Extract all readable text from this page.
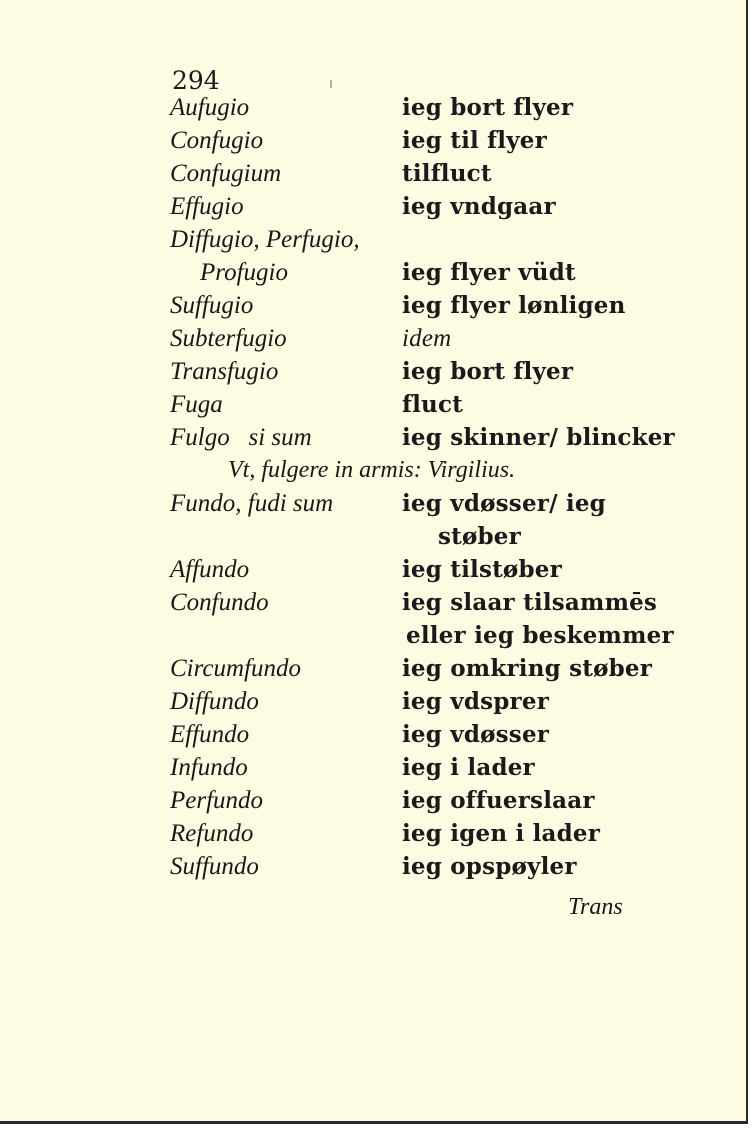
294
Aufugio	ieg bort flyer
Confugio	ieg til flyer
Confugium	tilfluct
Effugio	ieg vndgaar
Diffugio, Perfugio,
Profugio	ieg flyer vüdt
Suffugio	ieg flyer lønligen
Subterfugio	idem
Transfugio	ieg bort flyer
Fuga	fluct
Fulgo   si sum	ieg skinner/ blincker
Vt, fulgere in armis: Virgilius.
Fundo, fudi sum	ieg vdøsser/ ieg
støber
Affundo	ieg tilstøber
Confundo	ieg slaar tilsammēs
eller ieg beskemmer
Circumfundo	ieg omkring støber
Diffundo	ieg vdsprer
Effundo	ieg vdøsser
Infundo	ieg i lader
Perfundo	ieg offuerslaar
Refundo	ieg igen i lader
Suffundo	ieg opspøyler
Trans
